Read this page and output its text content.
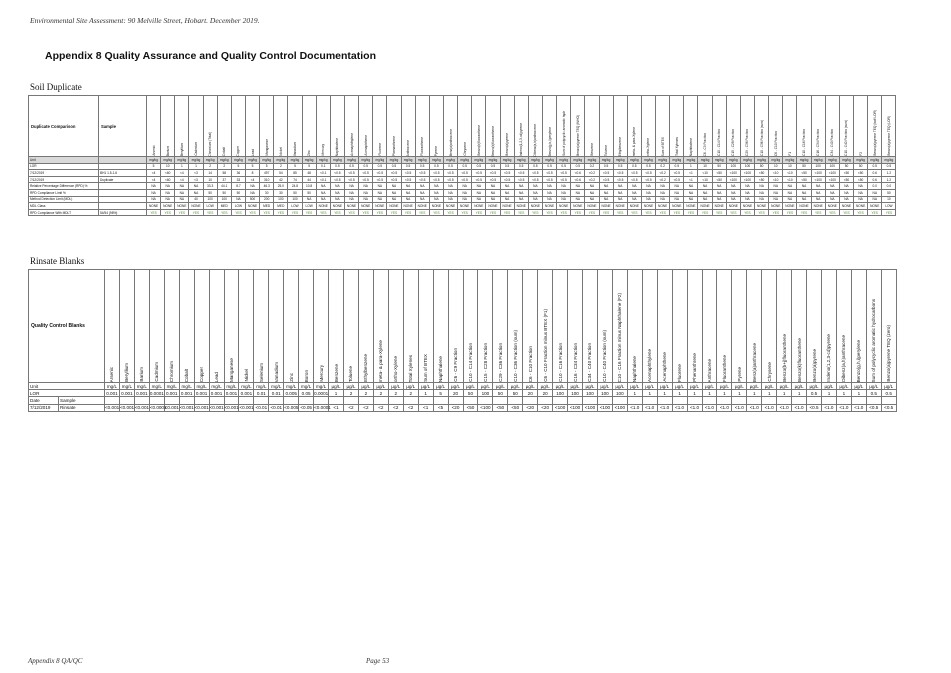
Environmental Site Assessment: 90 Melville Street, Hobart. December 2019.
Appendix 8 Quality Assurance and Quality Control Documentation
Soil Duplicate
Duplicate Comparison	Sample	Arsenic	Barium	Beryllium	Cadmium	Chromium (Total)	Cobalt	Copper	Lead	Manganese	Nickel	Vanadium	Zinc	Mercury	Naphthalene	Acenaphthylene	Acenaphthene	Fluorene	Phenanthrene	Anthracene	Fluoranthene	Pyrene	Benz(a)anthracene	Chrysene	Benzo(b)fluoranthene	Benzo(k)fluoranthene	Benzo(a)pyrene	Indeno(1,2,3-cd)pyrene	Dibenz(a,h)anthracene	Benzo(g,h,i)perylene	Sum of polycyclic aromatic hydr	Benzo(a)pyrene TEQ (WHO)	Benzene	Toluene	Ethylbenzene	meta- & para-Xylene	ortho-Xylene	Sum of BTEX	Total Xylenes	Naphthalene	C6 - C9 Fraction	C10 - C14 Fraction	C15 - C28 Fraction	C29 - C36 Fraction	C10 - C36 Fraction (sum)	C6 - C10 Fraction	F1	C10 - C16 Fraction	C16 - C34 Fraction	C34 - C40 Fraction	C10 - C40 Fraction (sum)	F2	Benzo(a)pyrene TEQ (half LOR)	Benzo(a)pyrene TEQ (LOR)

Unit		mg/kg	mg/kg	mg/kg	mg/kg	mg/kg	mg/kg	mg/kg	mg/kg	mg/kg	mg/kg	mg/kg	mg/kg	mg/kg	mg/kg	mg/kg	mg/kg	mg/kg	mg/kg	mg/kg	mg/kg	mg/kg	mg/kg	mg/kg	mg/kg	mg/kg	mg/kg	mg/kg	mg/kg	mg/kg	mg/kg	mg/kg	mg/kg	mg/kg	mg/kg	mg/kg	mg/kg	mg/kg	mg/kg	mg/kg	mg/kg	mg/kg	mg/kg	mg/kg	mg/kg	mg/kg	mg/kg	mg/kg	mg/kg	mg/kg	mg/kg	mg/kg	mg/kg	mg/kg
LOR		5	10	1	1	2	2	5	5	5	2	5	5	0.1	0.5	0.5	0.5	0.5	0.5	0.5	0.5	0.5	0.5	0.5	0.5	0.5	0.5	0.5	0.5	0.5	0.5	0.5	0.2	0.5	0.5	0.5	0.5	0.2	0.5	1	10	50	100	100	50	10	10	50	100	100	50	50	0.5	0.5
7/12/2019	BH1 1.5-1.6	<4	<60	<4	<3	14	58	36	8	497	54	85	48	<0.1	<0.5	<0.5	<0.5	<0.5	<0.5	<0.5	<0.5	<0.5	<0.5	<0.5	<0.5	<0.5	<0.5	<0.5	<0.5	<0.5	<0.5	<0.6	<0.2	<0.5	<0.5	<0.5	<0.5	<0.2	<0.5	<1	<10	<50	<100	<100	<50	<10	<10	<50	<100	<100	<50	<50	0.6	1.2
7/12/2019	Duplicate	<4	<60	<4	<3	10	37	33	<4	310	42	74	44	<0.1	<0.5	<0.5	<0.5	<0.5	<0.5	<0.5	<0.5	<0.5	<0.5	<0.5	<0.5	<0.5	<0.5	<0.5	<0.5	<0.5	<0.5	<0.6	<0.2	<0.5	<0.5	<0.5	<0.5	<0.2	<0.5	<1	<10	<50	<100	<100	<50	<10	<10	<50	<100	<100	<50	<50	0.6	1.2
Relative Percentage Difference (RPD) %		NA	NA	NA	NA	33.3	44.1	8.7	NA	46.3	25.0	24.8	10.8	NA	NA	NA	NA	NA	NA	NA	NA	NA	NA	NA	NA	NA	NA	NA	NA	NA	NA	NA	NA	NA	NA	NA	NA	NA	NA	NA	NA	NA	NA	NA	NA	NA	NA	NA	NA	NA	NA	NA	0.0	0.0
RPD Compliance Limit %		NA	NA	NA	NA	50	50	50	NA	30	30	50	50	NA	NA	NA	NA	NA	NA	NA	NA	NA	NA	NA	NA	NA	NA	NA	NA	NA	NA	NA	NA	NA	NA	NA	NA	NA	NA	NA	NA	NA	NA	NA	NA	NA	NA	NA	NA	NA	NA	NA	NA	50
Method Detection Limit (MDL)		NA	NA	NA	40	100	100	NA	500	200	100	100	NA	NA	NA	NA	NA	NA	NA	NA	NA	NA	NA	NA	NA	NA	NA	NA	NA	NA	NA	NA	NA	NA	NA	NA	NA	NA	NA	NA	NA	NA	NA	NA	NA	NA	NA	NA	NA	NA	NA	NA	NA	10
MDL Class		NONE	NONE	NONE	NONE	LOW	MED	LOW	NONE	MED	MED	LOW	LOW	NONE	NONE	NONE	NONE	NONE	NONE	NONE	NONE	NONE	NONE	NONE	NONE	NONE	NONE	NONE	NONE	NONE	NONE	NONE	NONE	NONE	NONE	NONE	NONE	NONE	NONE	NONE	NONE	NONE	NONE	NONE	NONE	NONE	NONE	NONE	NONE	NONE	NONE	NONE	NONE	LOW
RPD Compliance With MDLT	54/54 (98%)	YES	YES	YES	YES	YES	YES	YES	YES	YES	YES	YES	YES	YES	YES	YES	YES	YES	YES	YES	YES	YES	YES	YES	YES	YES	YES	YES	YES	YES	YES	YES	YES	YES	YES	YES	YES	YES	YES	YES	YES	YES	YES	YES	YES	YES	YES	YES	YES	YES	YES	YES	YES	YES
Rinsate Blanks
Quality Control Blanks		Arsenic	Beryllium	Barium	Cadmium	Chromium	Cobalt	Copper	Lead	Manganese	Nickel	Selenium	Vanadium	Zinc	Boron	Mercury	Benzene	Toluene	Ethylbenzene	meta- & para-Xylene	ortho-Xylene	Total Xylenes	Sum of BTEX	Naphthalene	C6 - C9 Fraction	C10 - C14 Fraction	C15 - C28 Fraction	C29 - C36 Fraction	C10 - C36 Fraction (sum)	C6 - C10 Fraction	C6 - C10 Fraction minus BTEX (F1)	C10 - C16 Fraction	C16 - C34 Fraction	C34 - C40 Fraction	C10 - C40 Fraction (sum)	C10 - C16 Fraction minus Naphthalene (F2)	Naphthalene	Acenaphthylene	Acenaphthene	Fluorene	Phenanthrene	Anthracene	Fluoranthene	Pyrene	Benz(a)anthracene	Chrysene	Benzo(b+j)fluoranthene	Benzo(k)fluoranthene	Benzo(a)pyrene	Indeno(1,2,3-cd)pyrene	Dibenz(a,h)anthracene	Benzo(g,h,i)perylene	Sum of polycyclic aromatic hydrocarbons	Benzo(a)pyrene TEQ (zero)

Unit		mg/L	mg/L	mg/L	mg/L	mg/L	mg/L	mg/L	mg/L	mg/L	mg/L	mg/L	mg/L	mg/L	mg/L	mg/L	µg/L	µg/L	µg/L	µg/L	µg/L	µg/L	µg/L	µg/L	µg/L	µg/L	µg/L	µg/L	µg/L	µg/L	µg/L	µg/L	µg/L	µg/L	µg/L	µg/L	µg/L	µg/L	µg/L	µg/L	µg/L	µg/L	µg/L	µg/L	µg/L	µg/L	µg/L	µg/L	µg/L	µg/L	µg/L	µg/L	µg/L	µg/L
LOR		0.001	0.001	0.001	0.0001	0.001	0.001	0.001	0.001	0.001	0.001	0.01	0.01	0.005	0.05	0.0001	1	2	2	2	2	2	1	5	20	50	100	50	50	20	20	100	100	100	100	100	1	1	1	1	1	1	1	1	1	1	1	1	0.5	1	1	1	0.5	0.5
Date	Sample																																																					
7/12/2019	Rinsate	<0.001	<0.001	<0.001	<0.0001	<0.001	<0.001	<0.001	<0.001	<0.001	<0.001	<0.01	<0.01	<0.005	<0.05	<0.0001	<1	<2	<2	<2	<2	<2	<1	<5	<20	<50	<100	<50	<50	<20	<20	<100	<100	<100	<100	<100	<1.0	<1.0	<1.0	<1.0	<1.0	<1.0	<1.0	<1.0	<1.0	<1.0	<1.0	<1.0	<0.5	<1.0	<1.0	<1.0	<0.5	<0.5
Appendix 8 QA/QC	Page 53
